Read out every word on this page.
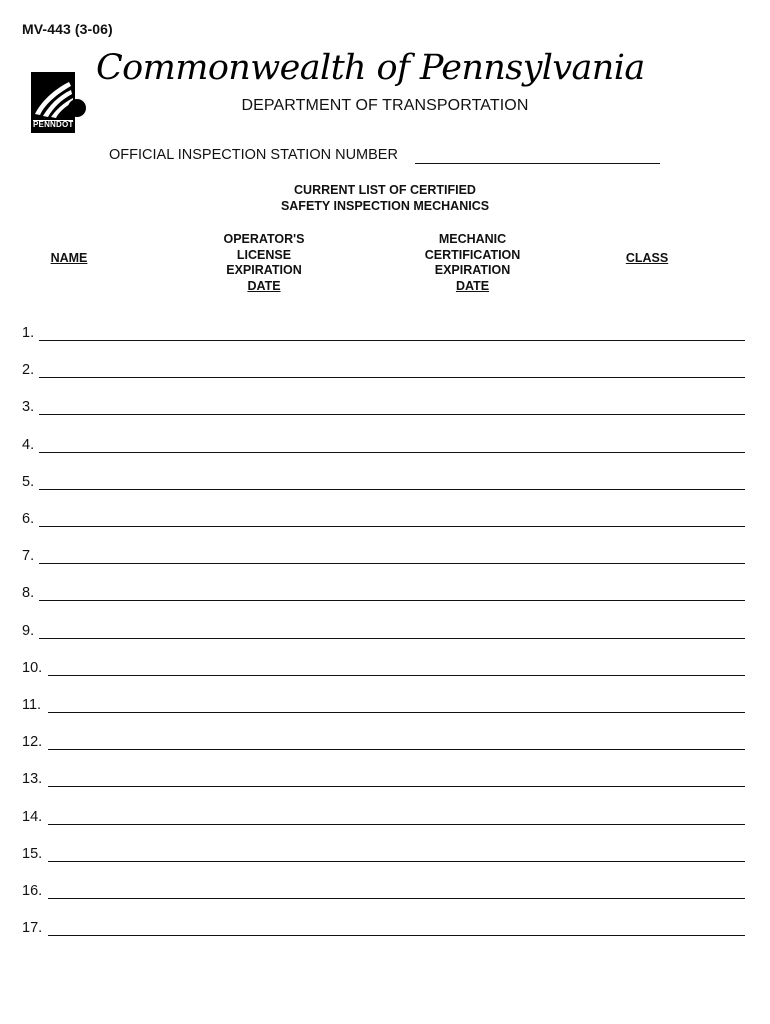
MV-443 (3-06)
PENNDOT
Commonwealth of Pennsylvania
DEPARTMENT OF TRANSPORTATION
OFFICIAL INSPECTION STATION NUMBER
CURRENT LIST OF CERTIFIED
SAFETY INSPECTION MECHANICS
NAME
OPERATOR'S
LICENSE
EXPIRATION
DATE
MECHANIC
CERTIFICATION
EXPIRATION
DATE
CLASS
1.
2.
3.
4.
5.
6.
7.
8.
9.
10.
11.
12.
13.
14.
15.
16.
17.
